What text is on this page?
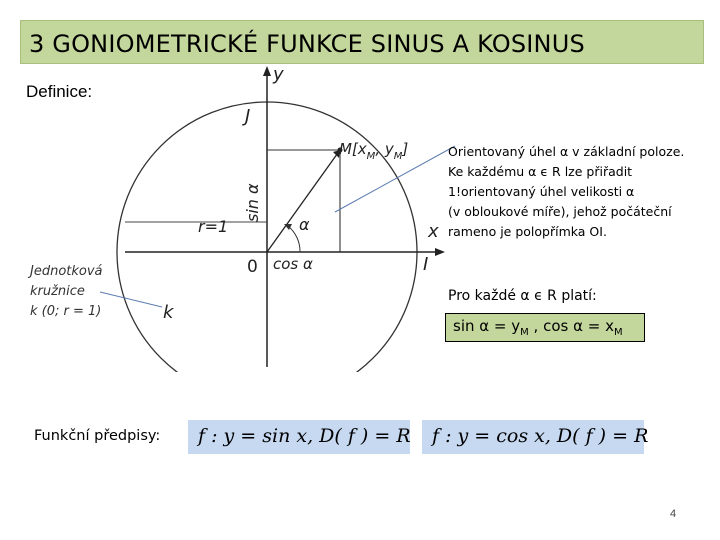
3 GONIOMETRICKÉ FUNKCE SINUS A KOSINUS
Definice:
y
x
J
I
0
$M[x_M$, $y_M$]
sin α
cos α
α
r=1
k
Orientovaný úhel α v základní poloze.
Ke každému α ϵ R lze přiřadit
1!orientovaný úhel velikosti α
(v obloukové míře), jehož počáteční
rameno je polopřímka OI.
Jednotková
kružnice
k (0; r = 1)
Pro každé α ϵ R platí:
$\sin \alpha = y_M$ , $\cos \alpha = x_M$
Funkční předpisy:	f : y = sin x, D( f ) = R	f : y = cos x, D( f ) = R
4
